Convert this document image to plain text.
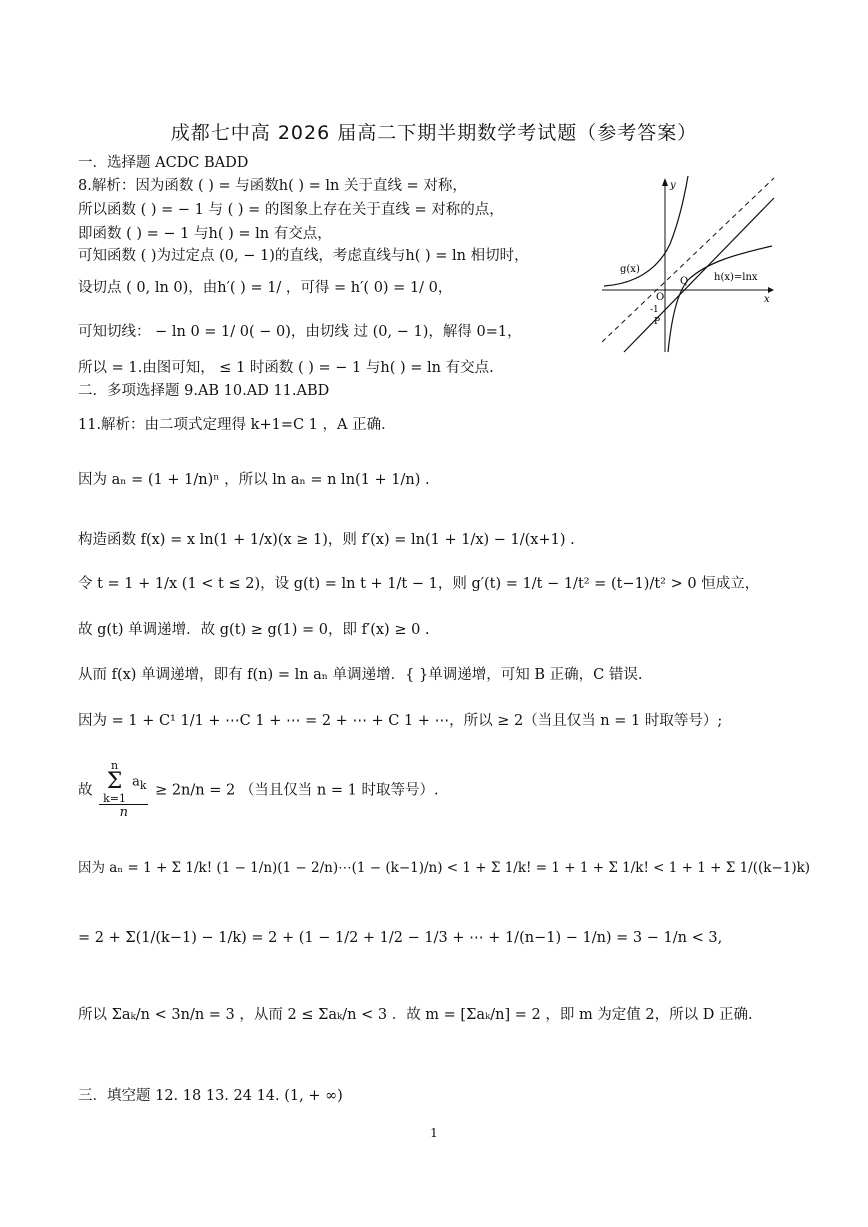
成都七中高 2026 届高二下期半期数学考试题（参考答案）
一．选择题 ACDC BADD
8.解析：因为函数 ( ) = 与函数h( ) = ln 关于直线 = 对称，
所以函数 ( ) = − 1 与 ( ) = 的图象上存在关于直线 = 对称的点，
即函数 ( ) = − 1 与h( ) = ln 有交点，
可知函数 ( )为过定点 (0, − 1)的直线，考虑直线与h( ) = ln 相切时，
设切点 ( 0, ln 0)，由h′( ) = 1/ ，可得 = h′( 0) = 1/ 0，
可知切线： − ln 0 = 1/ 0( − 0)，由切线 过 (0, − 1)，解得 0=1，
所以 = 1.由图可知， ≤ 1 时函数 ( ) = − 1 与h( ) = ln 有交点.
二．多项选择题 9.AB 10.AD 11.ABD
11.解析：由二项式定理得 k+1=C 1 ，A 正确．
因为 aₙ = (1 + 1/n)ⁿ ，所以 ln aₙ = n ln(1 + 1/n) .
构造函数 f(x) = x ln(1 + 1/x)(x ≥ 1)，则 f′(x) = ln(1 + 1/x) − 1/(x+1) .
令 t = 1 + 1/x (1 < t ≤ 2)，设 g(t) = ln t + 1/t − 1，则 g′(t) = 1/t − 1/t² = (t−1)/t² > 0 恒成立，
故 g(t) 单调递增．故 g(t) ≥ g(1) = 0，即 f′(x) ≥ 0 .
从而 f(x) 单调递增，即有 f(n) = ln aₙ 单调递增．{ }单调递增，可知 B 正确，C 错误.
因为 = 1 + C¹ 1/1 + ⋯C 1 + ⋯ = 2 + ⋯ + C 1 + ⋯，所以 ≥ 2（当且仅当 n = 1 时取等号）;
故
n
Σ
k=1
$a_k$
n
≥ 2n/n = 2 （当且仅当 n = 1 时取等号）.
因为 aₙ = 1 + Σ 1/k! (1 − 1/n)(1 − 2/n)⋯(1 − (k−1)/n) < 1 + Σ 1/k! = 1 + 1 + Σ 1/k! < 1 + 1 + Σ 1/((k−1)k)
= 2 + Σ(1/(k−1) − 1/k) = 2 + (1 − 1/2 + 1/2 − 1/3 + ⋯ + 1/(n−1) − 1/n) = 3 − 1/n < 3,
所以 Σaₖ/n < 3n/n = 3 ，从而 2 ≤ Σaₖ/n < 3 ．故 m = [Σaₖ/n] = 2 ，即 m 为定值 2，所以 D 正确.
三．填空题 12. 18 13. 24 14. (1, + ∞)
g(x)
h(x)=lnx
O
Q
P
y
x
-1
1
